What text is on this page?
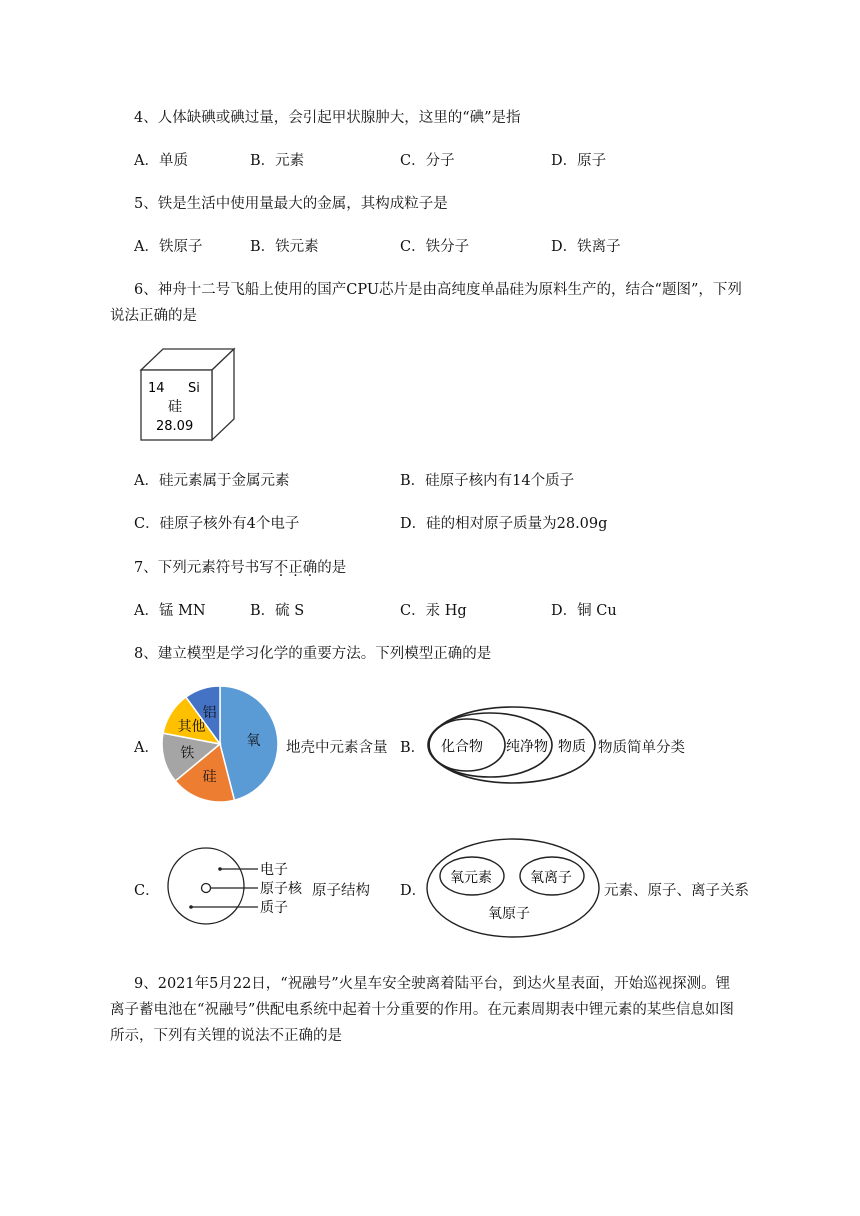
4、人体缺碘或碘过量，会引起甲状腺肿大，这里的“碘”是指
A．单质	B．元素	C．分子	D．原子
5、铁是生活中使用量最大的金属，其构成粒子是
A．铁原子	B．铁元素	C．铁分子	D．铁离子
6、神舟十二号飞船上使用的国产CPU芯片是由高纯度单晶硅为原料生产的，结合“题图”，下列
说法正确的是
14 Si
硅
28.09
A．硅元素属于金属元素	B．硅原子核内有14个质子
C．硅原子核外有4个电子	D．硅的相对原子质量为28.09g
7、下列元素符号书写不正确的是
A．锰 MN	B．硫 S	C．汞 Hg	D．铜 Cu
8、建立模型是学习化学的重要方法。下列模型正确的是
A．	氧
硅
铁
其他
铝
地壳中元素含量 B． 化合物 纯净物 物质 物质简单分类
C．
电子
原子核
质子
原子结构 D．
氧元素	氧离子
氧原子
元素、原子、离子关系
9、2021年5月22日，“祝融号”火星车安全驶离着陆平台，到达火星表面，开始巡视探测。锂
离子蓄电池在“祝融号”供配电系统中起着十分重要的作用。在元素周期表中锂元素的某些信息如图
所示，下列有关锂的说法不正确的是
